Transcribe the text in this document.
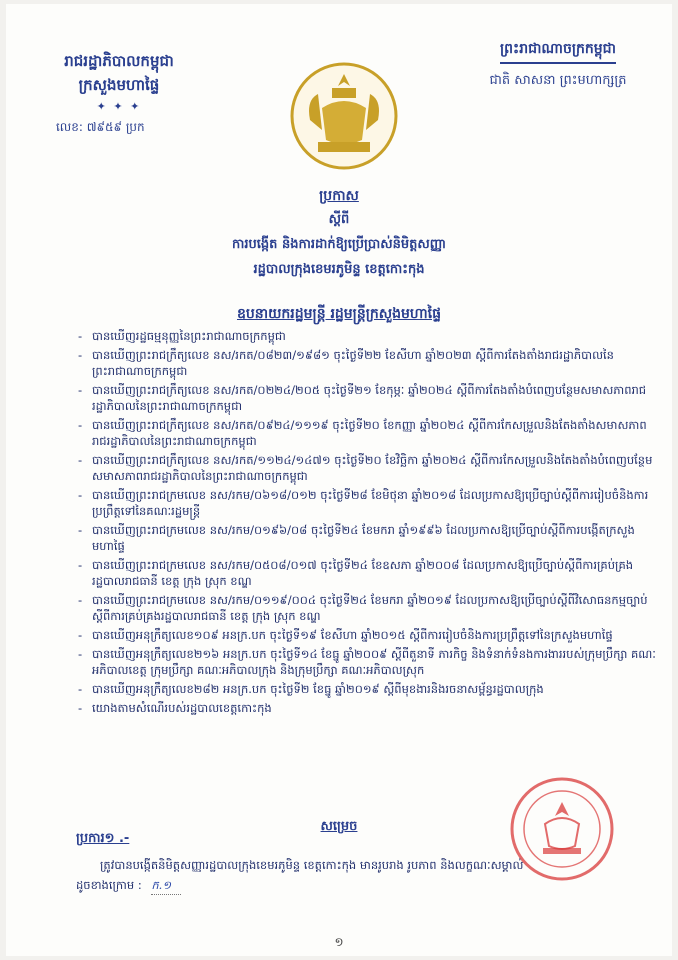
រាជរដ្ឋាភិបាលកម្ពុជា
ក្រសួងមហាផ្ទៃ
✦ ✦ ✦
លេខ: ៧៩៥៩ ប្រក
ព្រះរាជាណាចក្រកម្ពុជា
ជាតិ សាសនា ព្រះមហាក្សត្រ
ប្រកាស
ស្តីពី
ការបង្កើត និងការដាក់ឱ្យប្រើប្រាស់និមិត្តសញ្ញា
រដ្ឋបាលក្រុងខេមរភូមិន្ទ ខេត្តកោះកុង
ឧបនាយករដ្ឋមន្ត្រី រដ្ឋមន្ត្រីក្រសួងមហាផ្ទៃ
- បានឃើញរដ្ឋធម្មនុញ្ញនៃព្រះរាជាណាចក្រកម្ពុជា
- បានឃើញព្រះរាជក្រឹត្យលេខ នស/រកត/០៨២៣/១៩៨១ ចុះថ្ងៃទី២២ ខែសីហា ឆ្នាំ២០២៣ ស្តីពីការតែងតាំងរាជរដ្ឋាភិបាលនៃព្រះរាជាណាចក្រកម្ពុជា
- បានឃើញព្រះរាជក្រឹត្យលេខ នស/រកត/០២២៤/២០៥ ចុះថ្ងៃទី២១ ខែកុម្ភៈ ឆ្នាំ២០២៤ ស្តីពីការតែងតាំងបំពេញបន្ថែមសមាសភាពរាជរដ្ឋាភិបាលនៃព្រះរាជាណាចក្រកម្ពុជា
- បានឃើញព្រះរាជក្រឹត្យលេខ នស/រកត/០៩២៤/១១១៩ ចុះថ្ងៃទី២០ ខែកញ្ញា ឆ្នាំ២០២៤ ស្តីពីការកែសម្រួលនិងតែងតាំងសមាសភាពរាជរដ្ឋាភិបាលនៃព្រះរាជាណាចក្រកម្ពុជា
- បានឃើញព្រះរាជក្រឹត្យលេខ នស/រកត/១១២៤/១៤៧១ ចុះថ្ងៃទី២០ ខែវិច្ឆិកា ឆ្នាំ២០២៤ ស្តីពីការកែសម្រួលនិងតែងតាំងបំពេញបន្ថែមសមាសភាពរាជរដ្ឋាភិបាលនៃព្រះរាជាណាចក្រកម្ពុជា
- បានឃើញព្រះរាជក្រមលេខ នស/រកម/០៦១៨/០១២ ចុះថ្ងៃទី២៨ ខែមិថុនា ឆ្នាំ២០១៨ ដែលប្រកាសឱ្យប្រើច្បាប់ស្តីពីការរៀបចំនិងការប្រព្រឹត្តទៅនៃគណៈរដ្ឋមន្ត្រី
- បានឃើញព្រះរាជក្រមលេខ នស/រកម/០១៩៦/០៨ ចុះថ្ងៃទី២៤ ខែមករា ឆ្នាំ១៩៩៦ ដែលប្រកាសឱ្យប្រើច្បាប់ស្តីពីការបង្កើតក្រសួងមហាផ្ទៃ
- បានឃើញព្រះរាជក្រមលេខ នស/រកម/០៥០៨/០១៧ ចុះថ្ងៃទី២៤ ខែឧសភា ឆ្នាំ២០០៨ ដែលប្រកាសឱ្យប្រើច្បាប់ស្តីពីការគ្រប់គ្រងរដ្ឋបាលរាជធានី ខេត្ត ក្រុង ស្រុក ខណ្ឌ
- បានឃើញព្រះរាជក្រមលេខ នស/រកម/០១១៩/០០៤ ចុះថ្ងៃទី២៤ ខែមករា ឆ្នាំ២០១៩ ដែលប្រកាសឱ្យប្រើច្បាប់ស្តីពីវិសោធនកម្មច្បាប់ស្តីពីការគ្រប់គ្រងរដ្ឋបាលរាជធានី ខេត្ត ក្រុង ស្រុក ខណ្ឌ
- បានឃើញអនុក្រឹត្យលេខ១០៩ អនក្រ.បក ចុះថ្ងៃទី១៩ ខែសីហា ឆ្នាំ២០១៥ ស្តីពីការរៀបចំនិងការប្រព្រឹត្តទៅនៃក្រសួងមហាផ្ទៃ
- បានឃើញអនុក្រឹត្យលេខ២១៦ អនក្រ.បក ចុះថ្ងៃទី១៤ ខែធ្នូ ឆ្នាំ២០០៩ ស្តីពីតួនាទី ភារកិច្ច និងទំនាក់ទំនងការងាររបស់ក្រុមប្រឹក្សា គណៈអភិបាលខេត្ត ក្រុមប្រឹក្សា គណៈអភិបាលក្រុង និងក្រុមប្រឹក្សា គណៈអភិបាលស្រុក
- បានឃើញអនុក្រឹត្យលេខ២៨២ អនក្រ.បក ចុះថ្ងៃទី២ ខែធ្នូ ឆ្នាំ២០១៩ ស្តីពីមុខងារនិងរចនាសម្ព័ន្ធរដ្ឋបាលក្រុង
- យោងតាមសំណើរបស់រដ្ឋបាលខេត្តកោះកុង
សម្រេច
ប្រការ១ .-
ត្រូវបានបង្កើតនិមិត្តសញ្ញារដ្ឋបាលក្រុងខេមរភូមិន្ទ ខេត្តកោះកុង មានរូបរាង រូបភាព និងលក្ខណៈសម្គាល់
ដូចខាងក្រោម : ក.១
១
